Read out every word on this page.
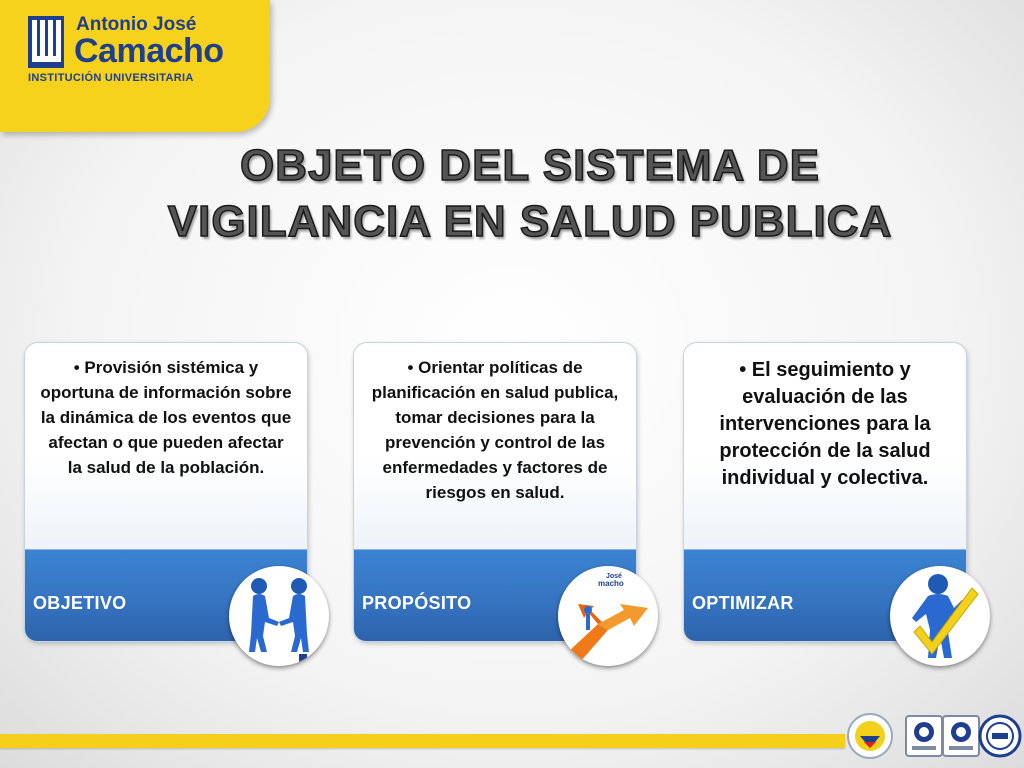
Antonio José
Camacho
INSTITUCIÓN UNIVERSITARIA
OBJETO DEL SISTEMA DE
VIGILANCIA EN SALUD PUBLICA
• Provisión sistémica y oportuna de información sobre la dinámica de los eventos que afectan o que pueden afectar la salud de la población.
OBJETIVO
• Orientar políticas de planificación en salud publica, tomar decisiones para la prevención y control de las enfermedades y factores de riesgos en salud.
PROPÓSITO
José
macho
• El seguimiento y evaluación de las intervenciones para la protección de la salud individual y colectiva.
OPTIMIZAR
